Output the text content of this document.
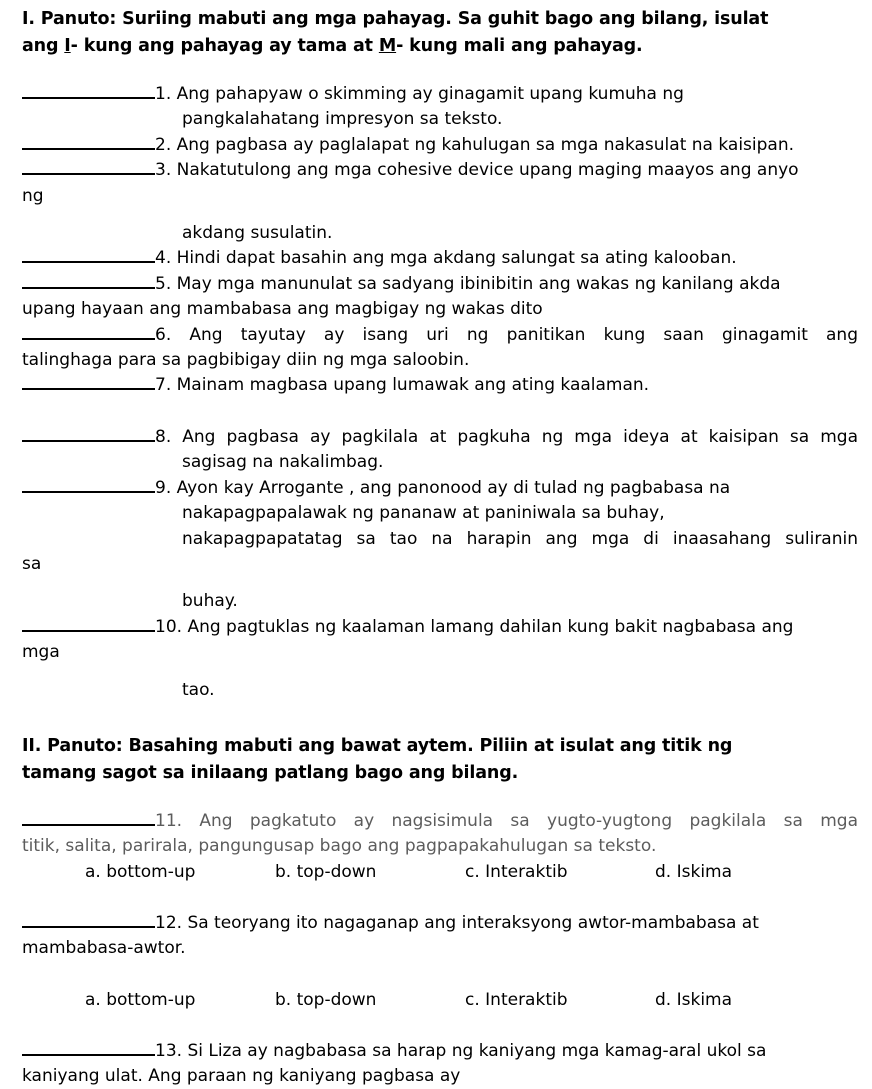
I. Panuto: Suriing mabuti ang mga pahayag. Sa guhit bago ang bilang, isulat
ang I- kung ang pahayag ay tama at M- kung mali ang pahayag.
1. Ang pahapyaw o skimming ay ginagamit upang kumuha ng
pangkalahatang impresyon sa teksto.
2. Ang pagbasa ay paglalapat ng kahulugan sa mga nakasulat na kaisipan.
3. Nakatutulong ang mga cohesive device upang maging maayos ang anyo
ng
akdang susulatin.
4. Hindi dapat basahin ang mga akdang salungat sa ating kalooban.
5. May mga manunulat sa sadyang ibinibitin ang wakas ng kanilang akda
upang hayaan ang mambabasa ang magbigay ng wakas dito
6. Ang tayutay ay isang uri ng panitikan kung saan ginagamit ang
talinghaga para sa pagbibigay diin ng mga saloobin.
7. Mainam magbasa upang lumawak ang ating kaalaman.
8. Ang pagbasa ay pagkilala at pagkuha ng mga ideya at kaisipan sa mga
sagisag na nakalimbag.
9. Ayon kay Arrogante , ang panonood ay di tulad ng pagbabasa na
nakapagpapalawak ng pananaw at paniniwala sa buhay,
nakapagpapatatag sa tao na harapin ang mga di inaasahang suliranin
sa
buhay.
10. Ang pagtuklas ng kaalaman lamang dahilan kung bakit nagbabasa ang
mga
tao.
II. Panuto: Basahing mabuti ang bawat aytem. Piliin at isulat ang titik ng
tamang sagot sa inilaang patlang bago ang bilang.
11. Ang pagkatuto ay nagsisimula sa yugto-yugtong pagkilala sa mga
titik, salita, parirala, pangungusap bago ang pagpapakahulugan sa teksto.
a. bottom-up	b. top-down	c. Interaktib	d. Iskima
12. Sa teoryang ito nagaganap ang interaksyong awtor-mambabasa at
mambabasa-awtor.
a. bottom-up	b. top-down	c. Interaktib	d. Iskima
13. Si Liza ay nagbabasa sa harap ng kaniyang mga kamag-aral ukol sa
kaniyang ulat. Ang paraan ng kaniyang pagbasa ay
